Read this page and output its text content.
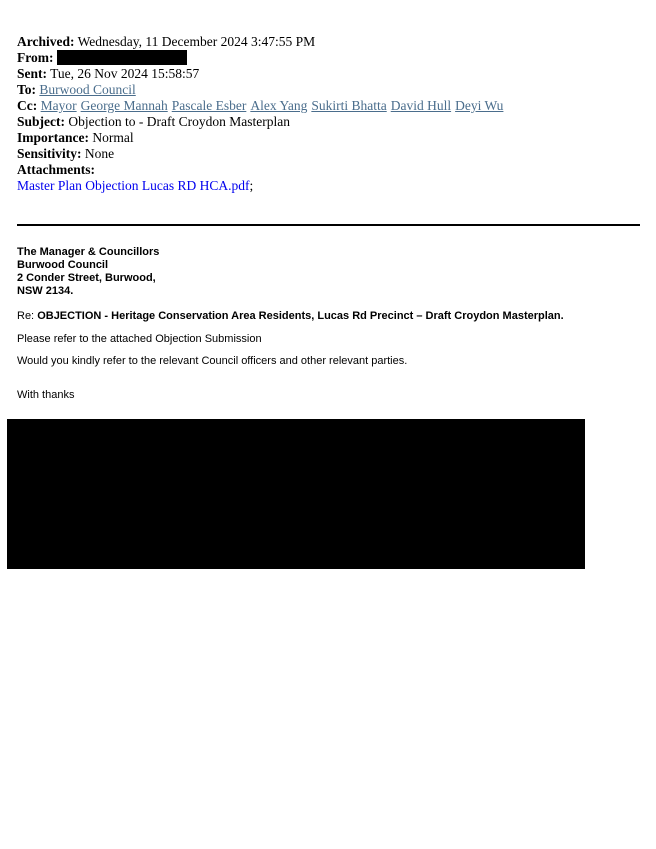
Archived: Wednesday, 11 December 2024 3:47:55 PM
From:
Sent: Tue, 26 Nov 2024 15:58:57
To: Burwood Council
Cc: Mayor George Mannah Pascale Esber Alex Yang Sukirti Bhatta David Hull Deyi Wu
Subject: Objection to - Draft Croydon Masterplan
Importance: Normal
Sensitivity: None
Attachments:
Master Plan Objection Lucas RD HCA.pdf;
The Manager & Councillors
Burwood Council
2 Conder Street, Burwood,
NSW 2134.
Re: OBJECTION - Heritage Conservation Area Residents, Lucas Rd Precinct – Draft Croydon Masterplan.
Please refer to the attached Objection Submission
Would you kindly refer to the relevant Council officers and other relevant parties.
With thanks
